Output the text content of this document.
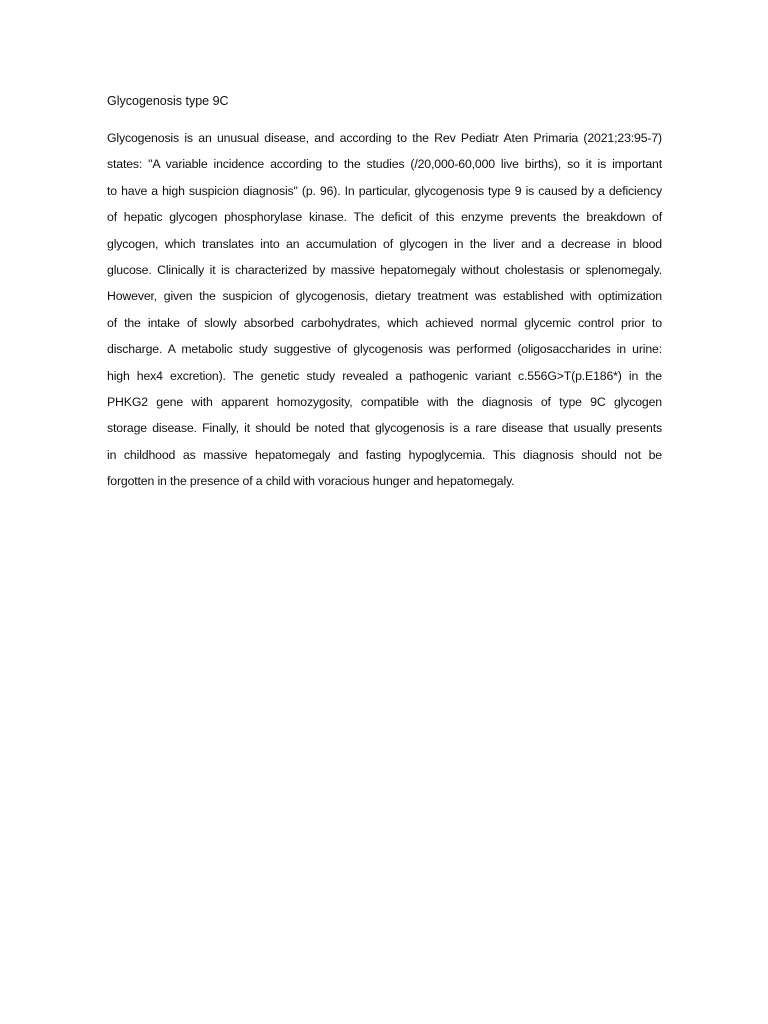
Glycogenosis type 9C
Glycogenosis is an unusual disease, and according to the Rev Pediatr Aten Primaria (2021;23:95-7)
states: "A variable incidence according to the studies (/20,000-60,000 live births), so it is important
to have a high suspicion diagnosis" (p. 96). In particular, glycogenosis type 9 is caused by a deficiency
of hepatic glycogen phosphorylase kinase. The deficit of this enzyme prevents the breakdown of
glycogen, which translates into an accumulation of glycogen in the liver and a decrease in blood
glucose. Clinically it is characterized by massive hepatomegaly without cholestasis or splenomegaly.
However, given the suspicion of glycogenosis, dietary treatment was established with optimization
of the intake of slowly absorbed carbohydrates, which achieved normal glycemic control prior to
discharge. A metabolic study suggestive of glycogenosis was performed (oligosaccharides in urine:
high hex4 excretion). The genetic study revealed a pathogenic variant c.556G>T(p.E186*) in the
PHKG2 gene with apparent homozygosity, compatible with the diagnosis of type 9C glycogen
storage disease. Finally, it should be noted that glycogenosis is a rare disease that usually presents
in childhood as massive hepatomegaly and fasting hypoglycemia. This diagnosis should not be
forgotten in the presence of a child with voracious hunger and hepatomegaly.
